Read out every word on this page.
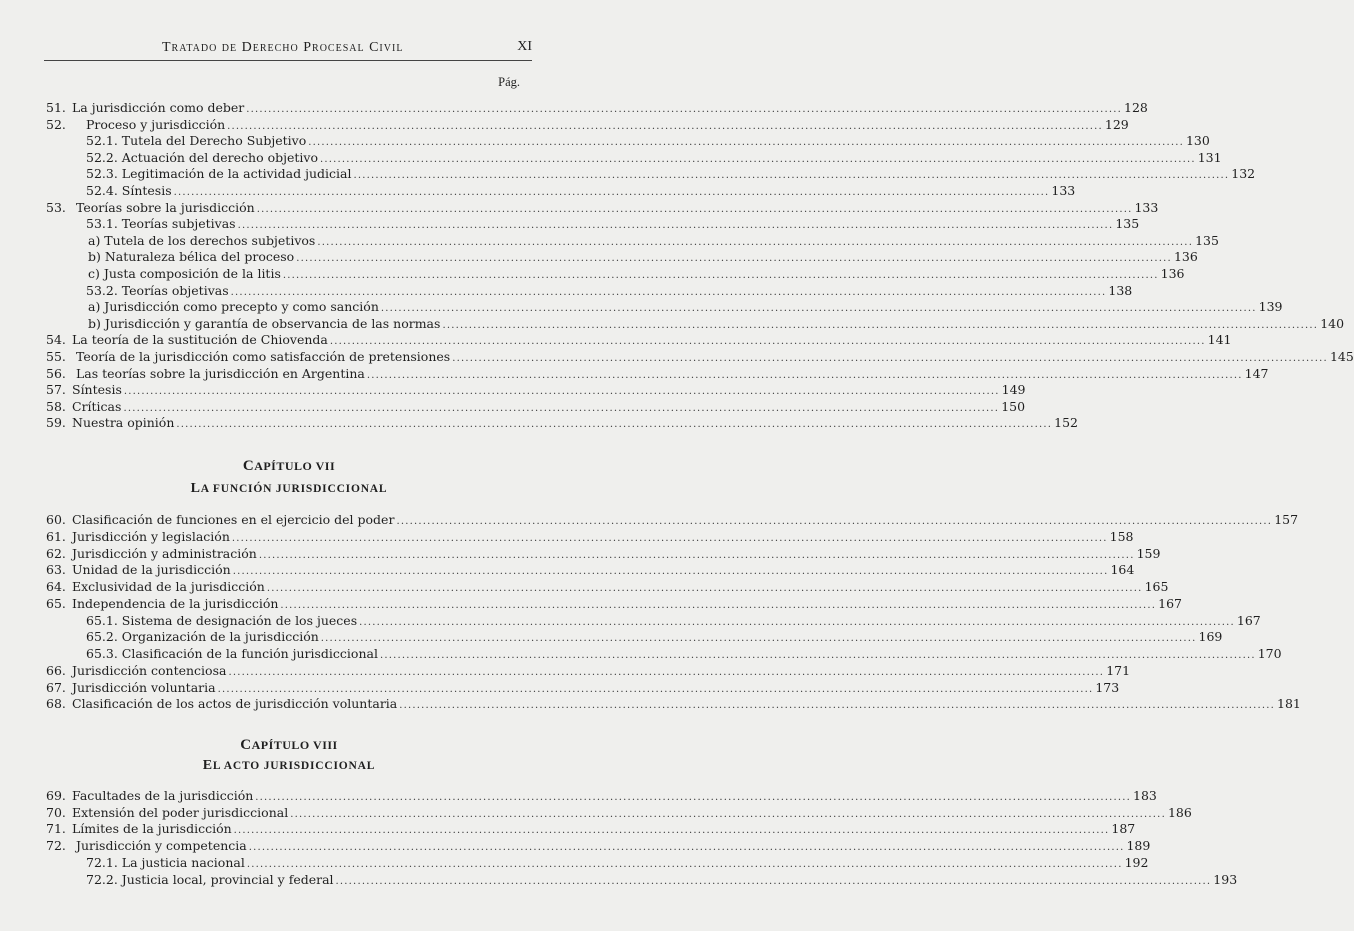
Tratado de Derecho Procesal Civil	XI
Pág.
51. La jurisdicción como deber ........................................................................................................................................................................................................ 128
52. Proceso y jurisdicción ........................................................................................................................................................................................................ 129
52.1. Tutela del Derecho Subjetivo ........................................................................................................................................................................................................ 130
52.2. Actuación del derecho objetivo ........................................................................................................................................................................................................ 131
52.3. Legitimación de la actividad judicial ........................................................................................................................................................................................................ 132
52.4. Síntesis ........................................................................................................................................................................................................ 133
53. Teorías sobre la jurisdicción ........................................................................................................................................................................................................ 133
53.1. Teorías subjetivas ........................................................................................................................................................................................................ 135
a) Tutela de los derechos subjetivos ........................................................................................................................................................................................................ 135
b) Naturaleza bélica del proceso ........................................................................................................................................................................................................ 136
c) Justa composición de la litis ........................................................................................................................................................................................................ 136
53.2. Teorías objetivas ........................................................................................................................................................................................................ 138
a) Jurisdicción como precepto y como sanción ........................................................................................................................................................................................................ 139
b) Jurisdicción y garantía de observancia de las normas ........................................................................................................................................................................................................ 140
54. La teoría de la sustitución de Chiovenda ........................................................................................................................................................................................................ 141
55. Teoría de la jurisdicción como satisfacción de pretensiones ........................................................................................................................................................................................................ 145
56. Las teorías sobre la jurisdicción en Argentina ........................................................................................................................................................................................................ 147
57. Síntesis ........................................................................................................................................................................................................ 149
58. Críticas ........................................................................................................................................................................................................ 150
59. Nuestra opinión ........................................................................................................................................................................................................ 152
CAPÍTULO VII
LA FUNCIÓN JURISDICCIONAL
60. Clasificación de funciones en el ejercicio del poder ........................................................................................................................................................................................................ 157
61. Jurisdicción y legislación ........................................................................................................................................................................................................ 158
62. Jurisdicción y administración ........................................................................................................................................................................................................ 159
63. Unidad de la jurisdicción ........................................................................................................................................................................................................ 164
64. Exclusividad de la jurisdicción ........................................................................................................................................................................................................ 165
65. Independencia de la jurisdicción ........................................................................................................................................................................................................ 167
65.1. Sistema de designación de los jueces ........................................................................................................................................................................................................ 167
65.2. Organización de la jurisdicción ........................................................................................................................................................................................................ 169
65.3. Clasificación de la función jurisdiccional ........................................................................................................................................................................................................ 170
66. Jurisdicción contenciosa ........................................................................................................................................................................................................ 171
67. Jurisdicción voluntaria ........................................................................................................................................................................................................ 173
68. Clasificación de los actos de jurisdicción voluntaria ........................................................................................................................................................................................................ 181
CAPÍTULO VIII
EL ACTO JURISDICCIONAL
69. Facultades de la jurisdicción ........................................................................................................................................................................................................ 183
70. Extensión del poder jurisdiccional ........................................................................................................................................................................................................ 186
71. Límites de la jurisdicción ........................................................................................................................................................................................................ 187
72. Jurisdicción y competencia ........................................................................................................................................................................................................ 189
72.1. La justicia nacional ........................................................................................................................................................................................................ 192
72.2. Justicia local, provincial y federal ........................................................................................................................................................................................................ 193
